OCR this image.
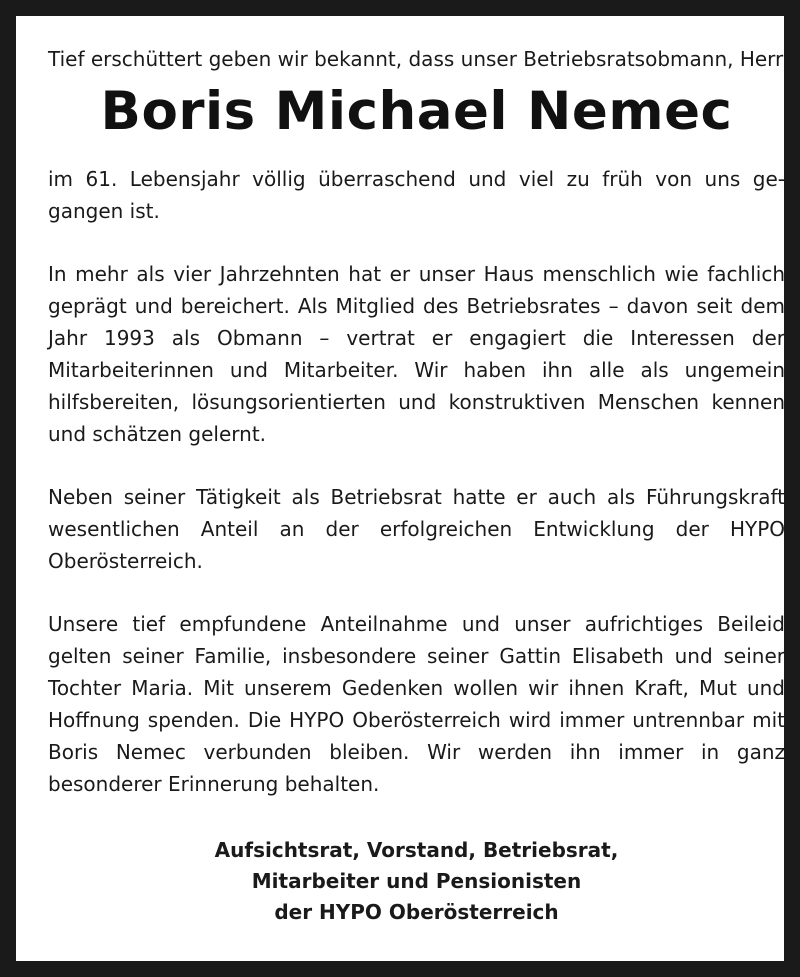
Tief erschüttert geben wir bekannt, dass unser Betriebsratsobmann, Herr

Boris Michael Nemec

im 61. Lebensjahr völlig überraschend und viel zu früh von uns gegangen ist.

In mehr als vier Jahrzehnten hat er unser Haus menschlich wie fachlich geprägt und bereichert. Als Mitglied des Betriebsrates – davon seit dem Jahr 1993 als Obmann – vertrat er engagiert die Interessen der Mitarbeiterinnen und Mitarbeiter. Wir haben ihn alle als ungemein hilfsbereiten, lösungsorientierten und konstruktiven Menschen kennen und schätzen gelernt.

Neben seiner Tätigkeit als Betriebsrat hatte er auch als Führungskraft wesentlichen Anteil an der erfolgreichen Entwicklung der HYPO Oberösterreich.

Unsere tief empfundene Anteilnahme und unser aufrichtiges Beileid gelten seiner Familie, insbesondere seiner Gattin Elisabeth und seiner Tochter Maria. Mit unserem Gedenken wollen wir ihnen Kraft, Mut und Hoffnung spenden. Die HYPO Oberösterreich wird immer untrennbar mit Boris Nemec verbunden bleiben. Wir werden ihn immer in ganz besonderer Erinnerung behalten.

Aufsichtsrat, Vorstand, Betriebsrat,
Mitarbeiter und Pensionisten
der HYPO Oberösterreich
